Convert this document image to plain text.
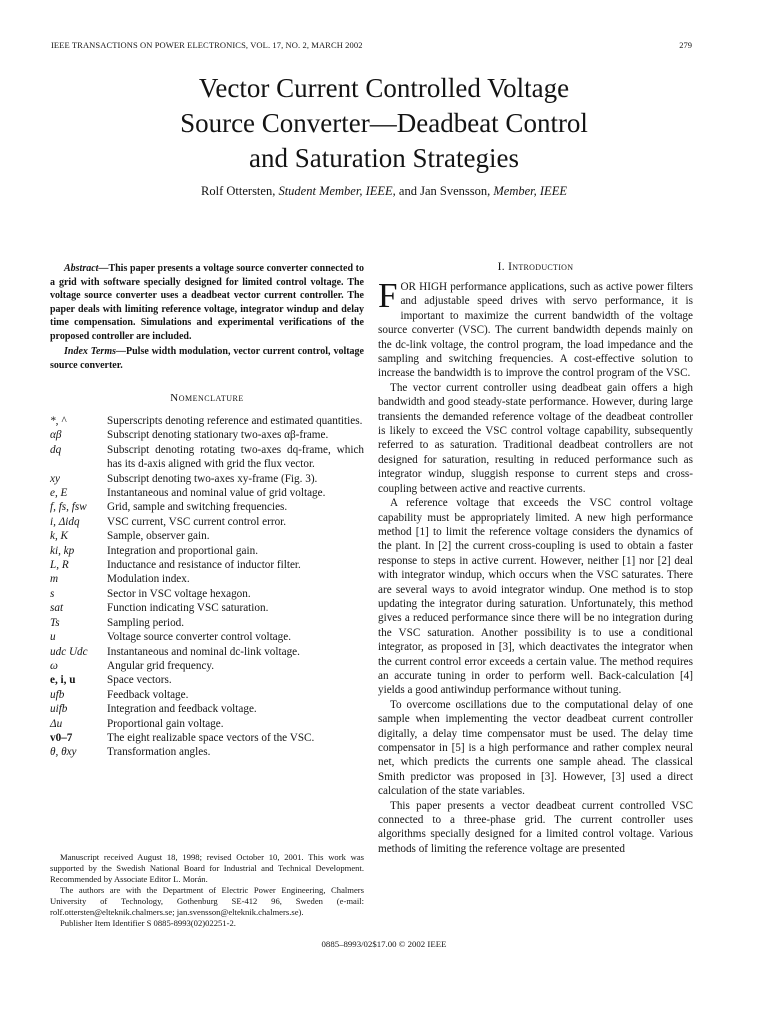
IEEE TRANSACTIONS ON POWER ELECTRONICS, VOL. 17, NO. 2, MARCH 2002	279
Vector Current Controlled Voltage
Source Converter—Deadbeat Control
and Saturation Strategies
Rolf Ottersten, Student Member, IEEE, and Jan Svensson, Member, IEEE
Abstract—This paper presents a voltage source converter connected to a grid with software specially designed for limited control voltage. The voltage source converter uses a deadbeat vector current controller. The paper deals with limiting reference voltage, integrator windup and delay time compensation. Simulations and experimental verifications of the proposed controller are included.
Index Terms—Pulse width modulation, vector current control, voltage source converter.
Nomenclature
*, ^	Superscripts denoting reference and estimated quantities.
αβ	Subscript denoting stationary two-axes αβ-frame.
dq	Subscript denoting rotating two-axes dq-frame, which has its d-axis aligned with grid the flux vector.
xy	Subscript denoting two-axes xy-frame (Fig. 3).
e, E	Instantaneous and nominal value of grid voltage.
f, fs, fsw	Grid, sample and switching frequencies.
i, Δidq	VSC current, VSC current control error.
k, K	Sample, observer gain.
ki, kp	Integration and proportional gain.
L, R	Inductance and resistance of inductor filter.
m	Modulation index.
s	Sector in VSC voltage hexagon.
sat	Function indicating VSC saturation.
Ts	Sampling period.
u	Voltage source converter control voltage.
udc Udc	Instantaneous and nominal dc-link voltage.
ω	Angular grid frequency.
e, i, u	Space vectors.
ufb	Feedback voltage.
uifb	Integration and feedback voltage.
Δu	Proportional gain voltage.
v0–7	The eight realizable space vectors of the VSC.
θ, θxy	Transformation angles.

Manuscript received August 18, 1998; revised October 10, 2001. This work was supported by the Swedish National Board for Industrial and Technical Development. Recommended by Associate Editor L. Morán.

The authors are with the Department of Electric Power Engineering, Chalmers University of Technology, Gothenburg SE-412 96, Sweden (e-mail: rolf.ottersten@elteknik.chalmers.se; jan.svensson@elteknik.chalmers.se).

Publisher Item Identifier S 0885-8993(02)02251-2.

I. Introduction

FOR HIGH performance applications, such as active power filters and adjustable speed drives with servo performance, it is important to maximize the current bandwidth of the voltage source converter (VSC). The current bandwidth depends mainly on the dc-link voltage, the control program, the load impedance and the sampling and switching frequencies. A cost-effective solution to increase the bandwidth is to improve the control program of the VSC.

The vector current controller using deadbeat gain offers a high bandwidth and good steady-state performance. However, during large transients the demanded reference voltage of the deadbeat controller is likely to exceed the VSC control voltage capability, subsequently referred to as saturation. Traditional deadbeat controllers are not designed for saturation, resulting in reduced performance such as integrator windup, sluggish response to current steps and cross-coupling between active and reactive currents.

A reference voltage that exceeds the VSC control voltage capability must be appropriately limited. A new high performance method [1] to limit the reference voltage considers the dynamics of the plant. In [2] the current cross-coupling is used to obtain a faster response to steps in active current. However, neither [1] nor [2] deal with integrator windup, which occurs when the VSC saturates. There are several ways to avoid integrator windup. One method is to stop updating the integrator during saturation. Unfortunately, this method gives a reduced performance since there will be no integration during the VSC saturation. Another possibility is to use a conditional integrator, as proposed in [3], which deactivates the integrator when the current control error exceeds a certain value. The method requires an accurate tuning in order to perform well. Back-calculation [4] yields a good antiwindup performance without tuning.

To overcome oscillations due to the computational delay of one sample when implementing the vector deadbeat current controller digitally, a delay time compensator must be used. The delay time compensator in [5] is a high performance and rather complex neural net, which predicts the currents one sample ahead. The classical Smith predictor was proposed in [3]. However, [3] used a direct calculation of the state variables.

This paper presents a vector deadbeat current controlled VSC connected to a three-phase grid. The current controller uses algorithms specially designed for a limited control voltage. Various methods of limiting the reference voltage are presented

0885–8993/02$17.00 © 2002 IEEE
